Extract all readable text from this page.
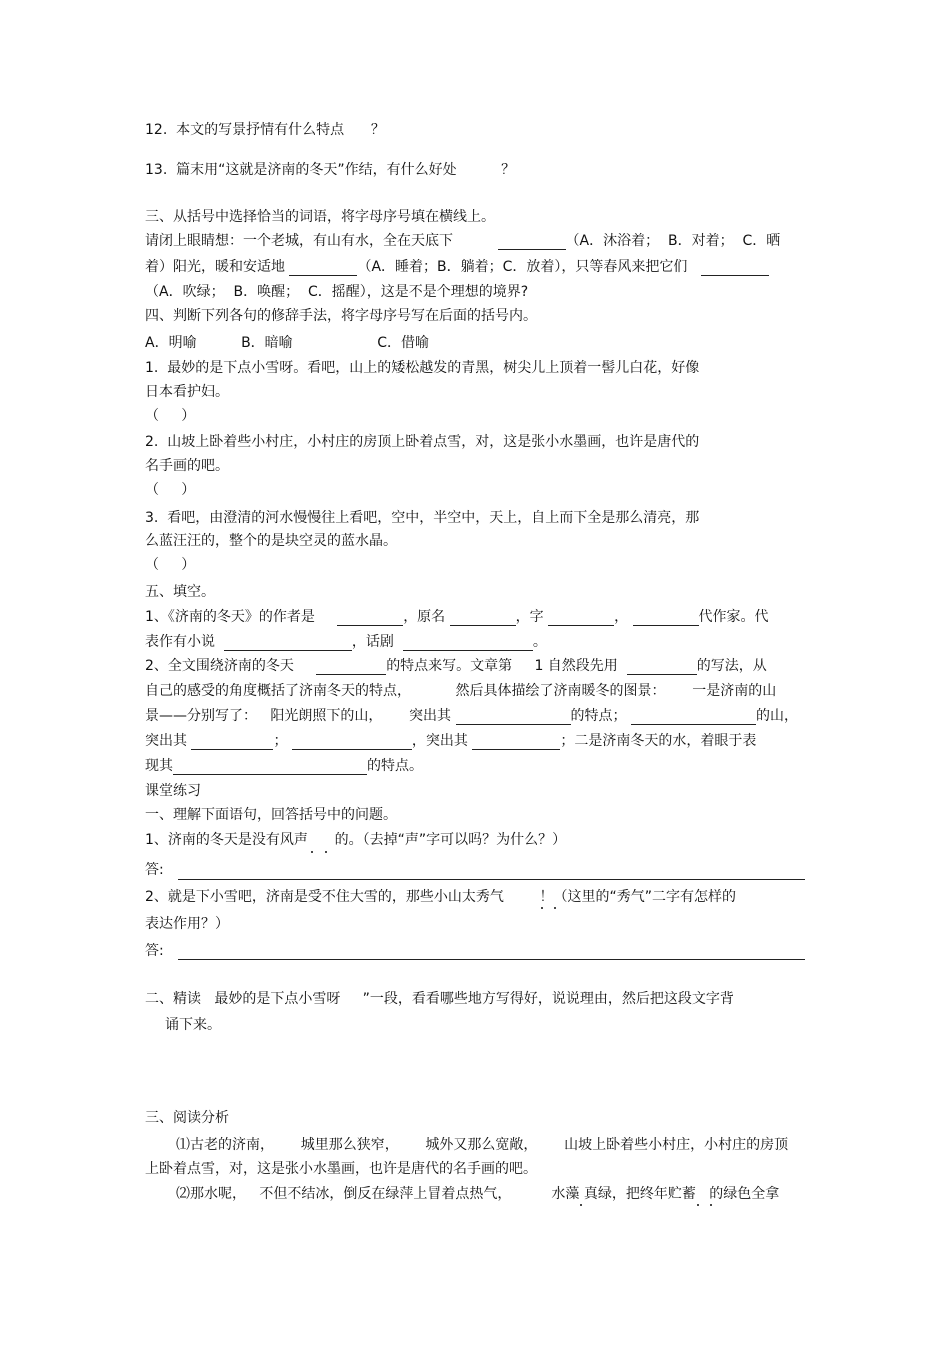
12.  本文的写景抒情有什么特点      ？
13.  篇末用“这就是济南的冬天”作结，有什么好处          ？
三、从括号中选择恰当的词语，将字母序号填在横线上。
请闭上眼睛想：一个老城，有山有水，全在天底下	（A．沐浴着；  B．对着；  C．晒
着）阳光，暖和安适地	（A．睡着；B．躺着；C．放着），只等春风来把它们
（A．吹绿；  B．唤醒；  C．摇醒），这是不是个理想的境界?
四、判断下列各句的修辞手法，将字母序号写在后面的括号内。
A．明喻          B．暗喻                   C．借喻
1.  最妙的是下点小雪呀。看吧，山上的矮松越发的青黑，树尖儿上顶着一髻儿白花，好像
日本看护妇。
（     ）
2.  山坡上卧着些小村庄，小村庄的房顶上卧着点雪，对，这是张小水墨画，也许是唐代的
名手画的吧。
（     ）
3.  看吧，由澄清的河水慢慢往上看吧，空中，半空中，天上，自上而下全是那么清亮，那
么蓝汪汪的，整个的是块空灵的蓝水晶。
（     ）
五、填空。
1、《济南的冬天》的作者是	，原名	，字	，	代作家。代
表作有小说	，话剧	。
2、全文围绕济南的冬天	的特点来写。文章第     1 自然段先用	的写法，从
自己的感受的角度概括了济南冬天的特点，          然后具体描绘了济南暖冬的图景：      一是济南的山
景——分别写了：   阳光朗照下的山，      突出其	的特点；	的山，
突出其	；	，突出其	；二是济南冬天的水，着眼于表
现其	的特点。
课堂练习
一、理解下面语句，回答括号中的问题。
1、济南的冬天是没有风声      的。（去掉“声”字可以吗？为什么？）
答:
2、就是下小雪吧，济南是受不住大雪的，那些小山太秀气        ！（这里的“秀气”二字有怎样的
表达作用？）
答:
二、精读   最妙的是下点小雪呀     ”一段，看看哪些地方写得好，说说理由，然后把这段文字背
诵下来。
三、阅读分析
⑴古老的济南，      城里那么狭窄，      城外又那么宽敞，      山坡上卧着些小村庄，小村庄的房顶
上卧着点雪，对，这是张小水墨画，也许是唐代的名手画的吧。
⑵那水呢，   不但不结冰，倒反在绿萍上冒着点热气，         水藻 真绿，把终年贮蓄   的绿色全拿
